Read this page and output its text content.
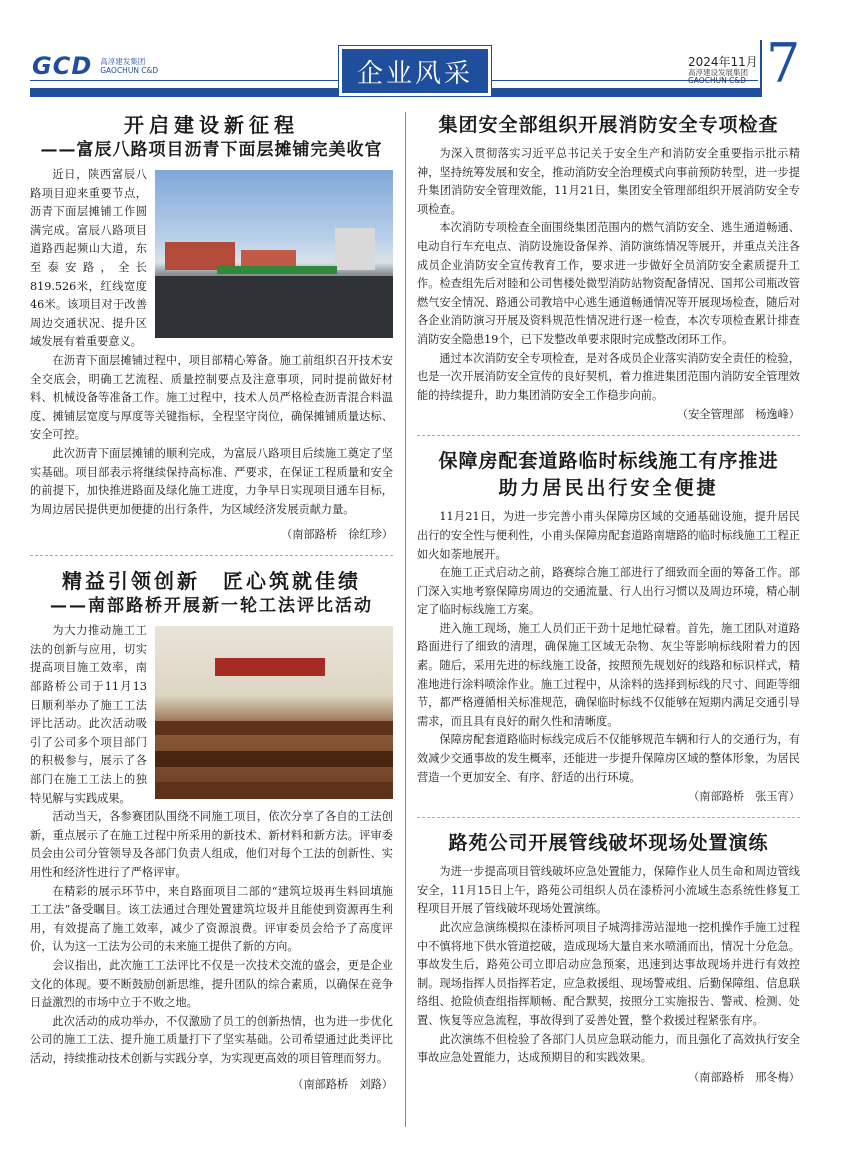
GCD 高淳建发集团
GAOCHUN C&D	企业风采	2024年11月
高淳建设发展集团
GAOCHUN C&D 7
开启建设新征程
——富辰八路项目沥青下面层摊铺完美收官

近日，陕西富辰八路项目迎来重要节点，沥青下面层摊铺工作圆满完成。富辰八路项目道路西起频山大道，东至泰安路，全长819.526米，红线宽度46米。该项目对于改善周边交通状况、提升区域发展有着重要意义。

在沥青下面层摊铺过程中，项目部精心筹备。施工前组织召开技术安全交底会，明确工艺流程、质量控制要点及注意事项，同时提前做好材料、机械设备等准备工作。施工过程中，技术人员严格检查沥青混合料温度、摊铺层宽度与厚度等关键指标，全程坚守岗位，确保摊铺质量达标、安全可控。

此次沥青下面层摊铺的顺利完成，为富辰八路项目后续施工奠定了坚实基础。项目部表示将继续保持高标准、严要求，在保证工程质量和安全的前提下，加快推进路面及绿化施工进度，力争早日实现项目通车目标，为周边居民提供更加便捷的出行条件，为区域经济发展贡献力量。

（南部路桥　徐红珍）
精益引领创新　匠心筑就佳绩
——南部路桥开展新一轮工法评比活动

为大力推动施工工法的创新与应用，切实提高项目施工效率，南部路桥公司于11月13日顺利举办了施工工法评比活动。此次活动吸引了公司多个项目部门的积极参与，展示了各部门在施工工法上的独特见解与实践成果。

活动当天，各参赛团队围绕不同施工项目，依次分享了各自的工法创新，重点展示了在施工过程中所采用的新技术、新材料和新方法。评审委员会由公司分管领导及各部门负责人组成，他们对每个工法的创新性、实用性和经济性进行了严格评审。

在精彩的展示环节中，来自路面项目二部的“建筑垃圾再生料回填施工工法”备受瞩目。该工法通过合理处置建筑垃圾并且能使到资源再生利用，有效提高了施工效率，减少了资源浪费。评审委员会给予了高度评价，认为这一工法为公司的未来施工提供了新的方向。

会议指出，此次施工工法评比不仅是一次技术交流的盛会，更是企业文化的体现。要不断鼓励创新思维，提升团队的综合素质，以确保在竞争日益激烈的市场中立于不败之地。

此次活动的成功举办，不仅激励了员工的创新热情，也为进一步优化公司的施工工法、提升施工质量打下了坚实基础。公司希望通过此类评比活动，持续推动技术创新与实践分享，为实现更高效的项目管理而努力。

（南部路桥　刘路）
集团安全部组织开展消防安全专项检查

为深入贯彻落实习近平总书记关于安全生产和消防安全重要指示批示精神，坚持统筹发展和安全，推动消防安全治理模式向事前预防转型，进一步提升集团消防安全管理效能，11月21日，集团安全管理部组织开展消防安全专项检查。

本次消防专项检查全面围绕集团范围内的燃气消防安全、逃生通道畅通、电动自行车充电点、消防设施设备保养、消防演练情况等展开，并重点关注各成员企业消防安全宣传教育工作，要求进一步做好全员消防安全素质提升工作。检查组先后对睦和公司售楼处微型消防站物资配备情况、国邦公司瓶改管燃气安全情况、路通公司教培中心逃生通道畅通情况等开展现场检查，随后对各企业消防演习开展及资料规范性情况进行逐一检查，本次专项检查累计排查消防安全隐患19个，已下发整改单要求限时完成整改闭环工作。

通过本次消防安全专项检查，是对各成员企业落实消防安全责任的检验，也是一次开展消防安全宣传的良好契机，着力推进集团范围内消防安全管理效能的持续提升，助力集团消防安全工作稳步向前。

（安全管理部　杨逸峰）
保障房配套道路临时标线施工有序推进
助力居民出行安全便捷

11月21日，为进一步完善小甫头保障房区域的交通基础设施，提升居民出行的安全性与便利性，小甫头保障房配套道路南塘路的临时标线施工工程正如火如荼地展开。

在施工正式启动之前，路赛综合施工部进行了细致而全面的筹备工作。部门深入实地考察保障房周边的交通流量、行人出行习惯以及周边环境，精心制定了临时标线施工方案。

进入施工现场，施工人员们正干劲十足地忙碌着。首先，施工团队对道路路面进行了细致的清理，确保施工区域无杂物、灰尘等影响标线附着力的因素。随后，采用先进的标线施工设备，按照预先规划好的线路和标识样式，精准地进行涂料喷涂作业。施工过程中，从涂料的选择到标线的尺寸、间距等细节，都严格遵循相关标准规范，确保临时标线不仅能够在短期内满足交通引导需求，而且具有良好的耐久性和清晰度。

保障房配套道路临时标线完成后不仅能够规范车辆和行人的交通行为，有效减少交通事故的发生概率，还能进一步提升保障房区域的整体形象，为居民营造一个更加安全、有序、舒适的出行环境。

（南部路桥　张玉宵）
路苑公司开展管线破坏现场处置演练

为进一步提高项目管线破坏应急处置能力，保障作业人员生命和周边管线安全，11月15日上午，路苑公司组织人员在漆桥河小流域生态系统性修复工程项目开展了管线破坏现场处置演练。

此次应急演练模拟在漆桥河项目子城湾排涝站湿地一挖机操作手施工过程中不慎将地下供水管道挖破，造成现场大量自来水喷涌而出，情况十分危急。事故发生后，路苑公司立即启动应急预案，迅速到达事故现场并进行有效控制。现场指挥人员指挥若定，应急救援组、现场警戒组、后勤保障组、信息联络组、抢险侦查组指挥顺畅、配合默契，按照分工实施报告、警戒、检测、处置、恢复等应急流程，事故得到了妥善处置，整个救援过程紧张有序。

此次演练不但检验了各部门人员应急联动能力，而且强化了高效执行安全事故应急处置能力，达成预期目的和实践效果。

（南部路桥　邢冬梅）
